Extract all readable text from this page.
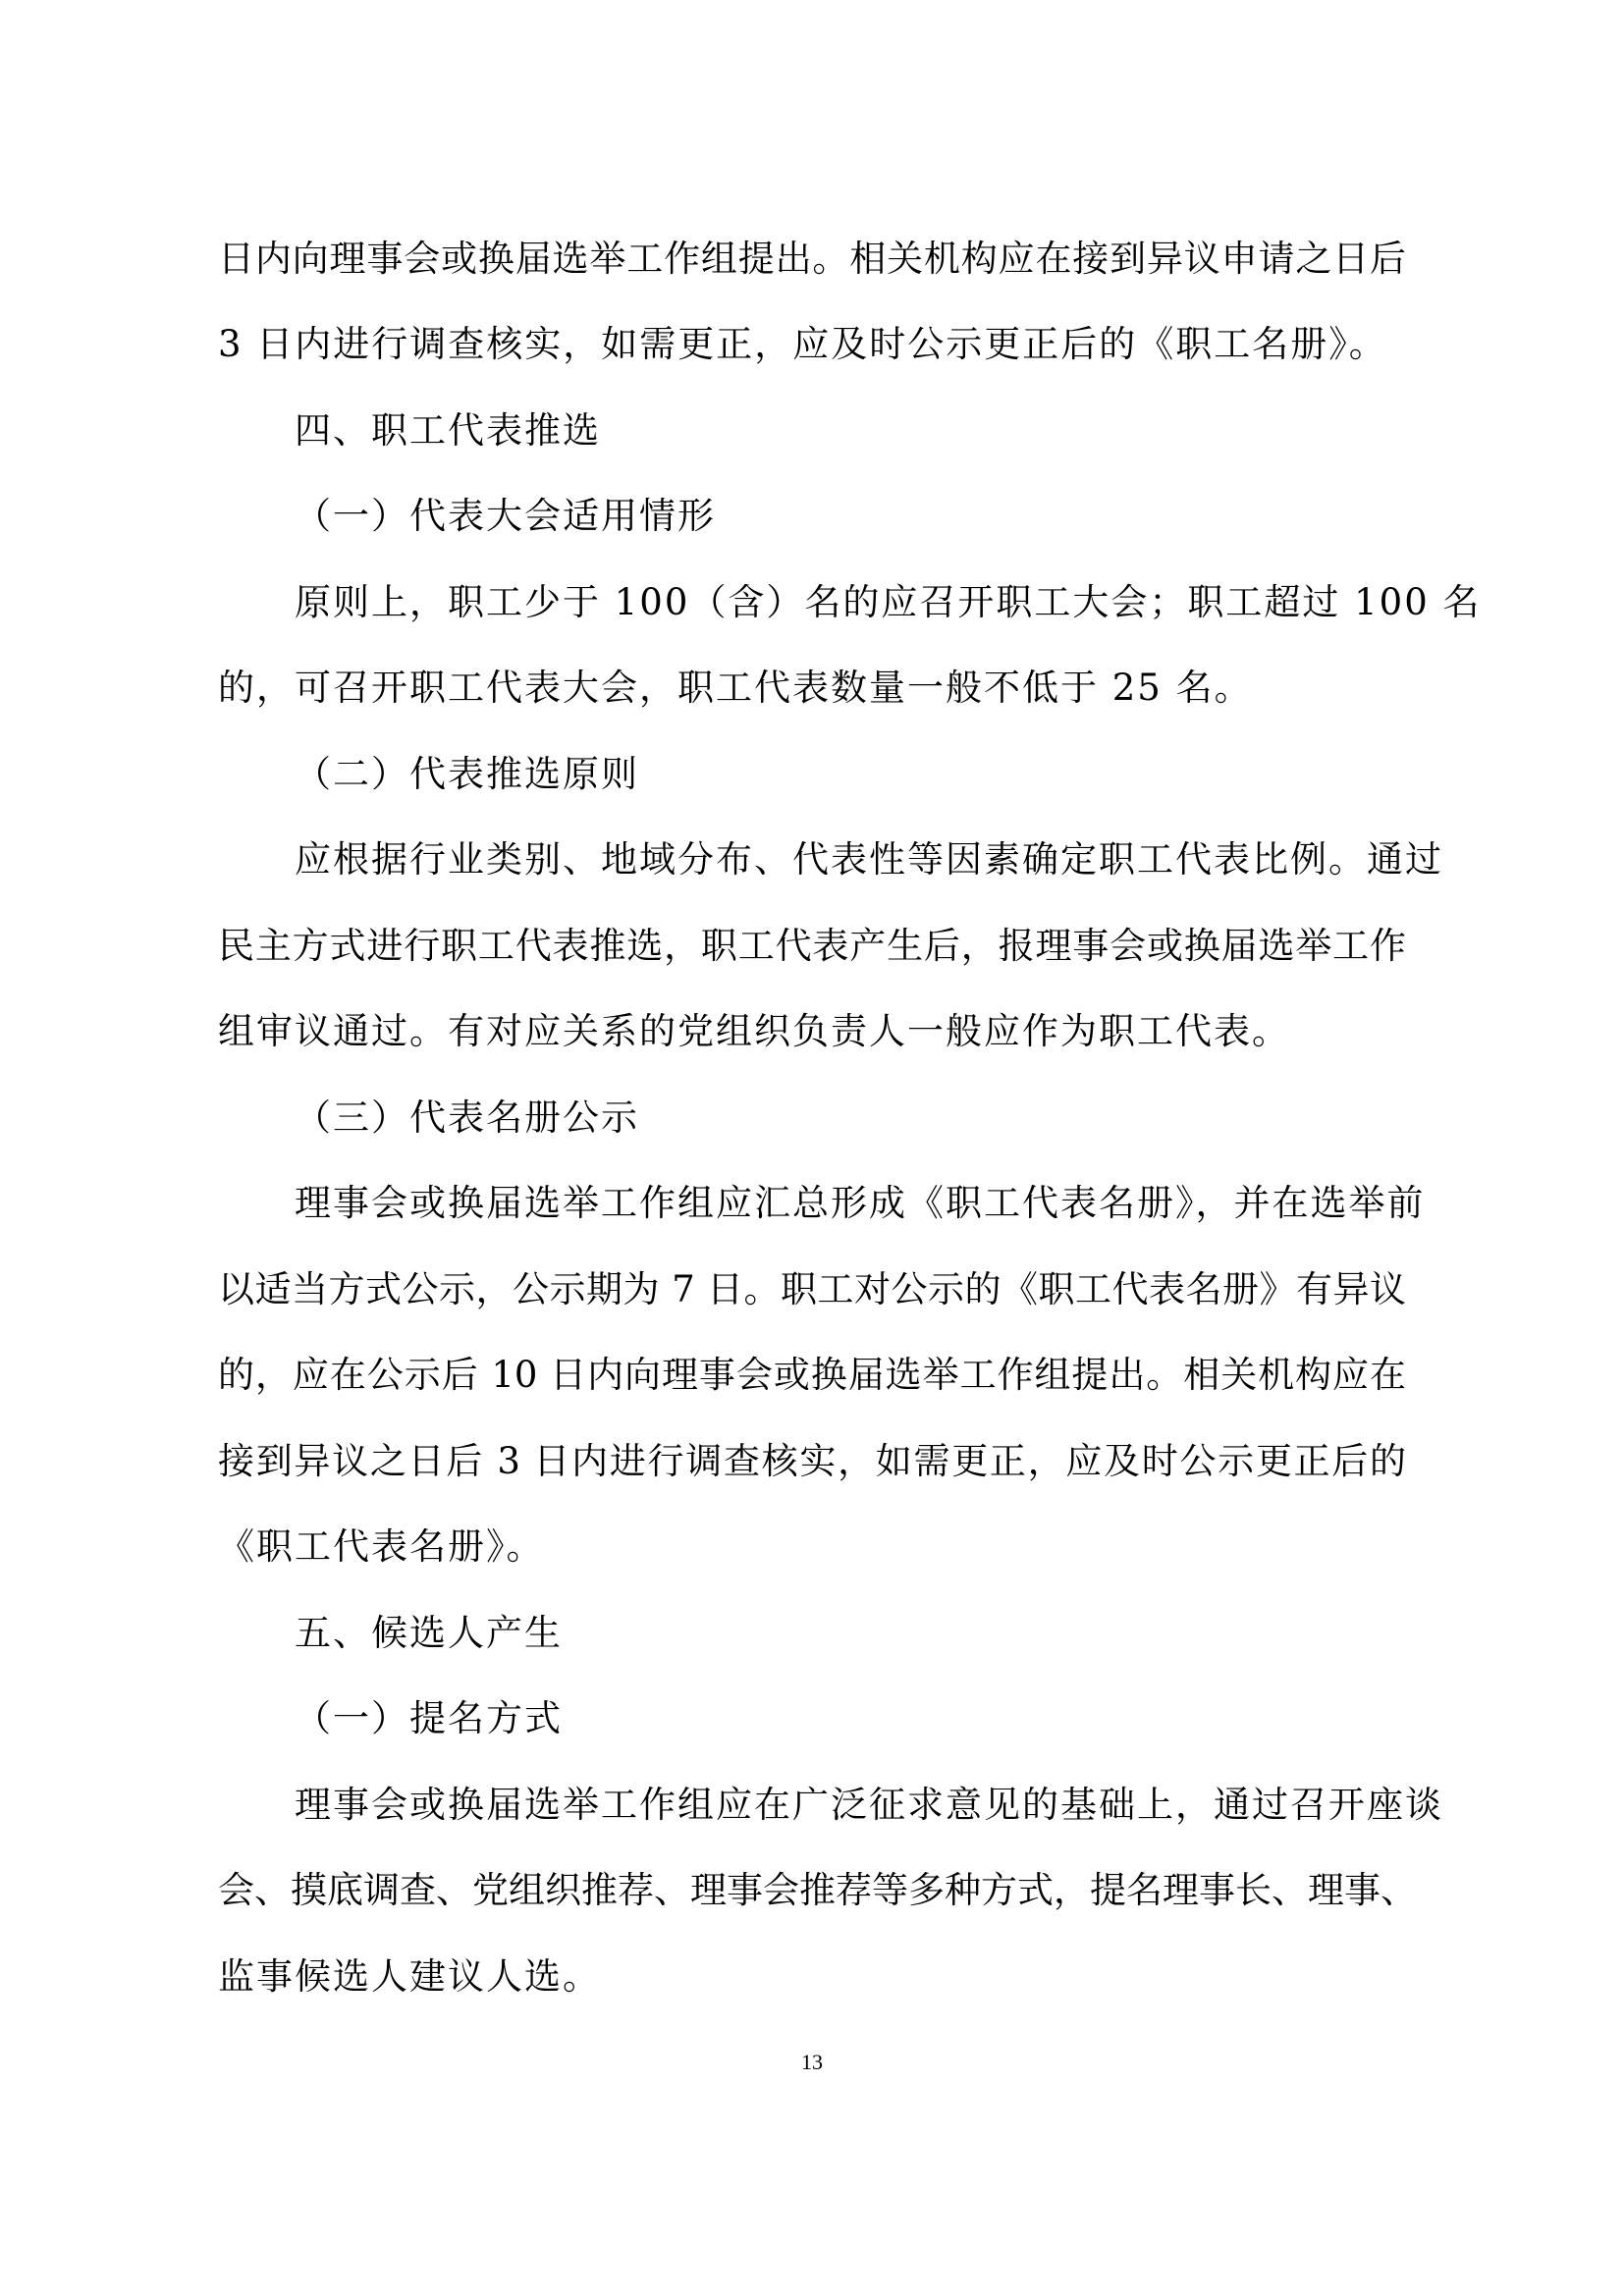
日内向理事会或换届选举工作组提出。相关机构应在接到异议申请之日后
3 日内进行调查核实，如需更正，应及时公示更正后的《职工名册》。
四、职工代表推选
（一）代表大会适用情形
原则上，职工少于 100（含）名的应召开职工大会；职工超过 100 名
的，可召开职工代表大会，职工代表数量一般不低于 25 名。
（二）代表推选原则
应根据行业类别、地域分布、代表性等因素确定职工代表比例。通过
民主方式进行职工代表推选，职工代表产生后，报理事会或换届选举工作
组审议通过。有对应关系的党组织负责人一般应作为职工代表。
（三）代表名册公示
理事会或换届选举工作组应汇总形成《职工代表名册》，并在选举前
以适当方式公示，公示期为 7 日。职工对公示的《职工代表名册》有异议
的，应在公示后 10 日内向理事会或换届选举工作组提出。相关机构应在
接到异议之日后 3 日内进行调查核实，如需更正，应及时公示更正后的
《职工代表名册》。
五、候选人产生
（一）提名方式
理事会或换届选举工作组应在广泛征求意见的基础上，通过召开座谈
会、摸底调查、党组织推荐、理事会推荐等多种方式，提名理事长、理事、
监事候选人建议人选。
13
